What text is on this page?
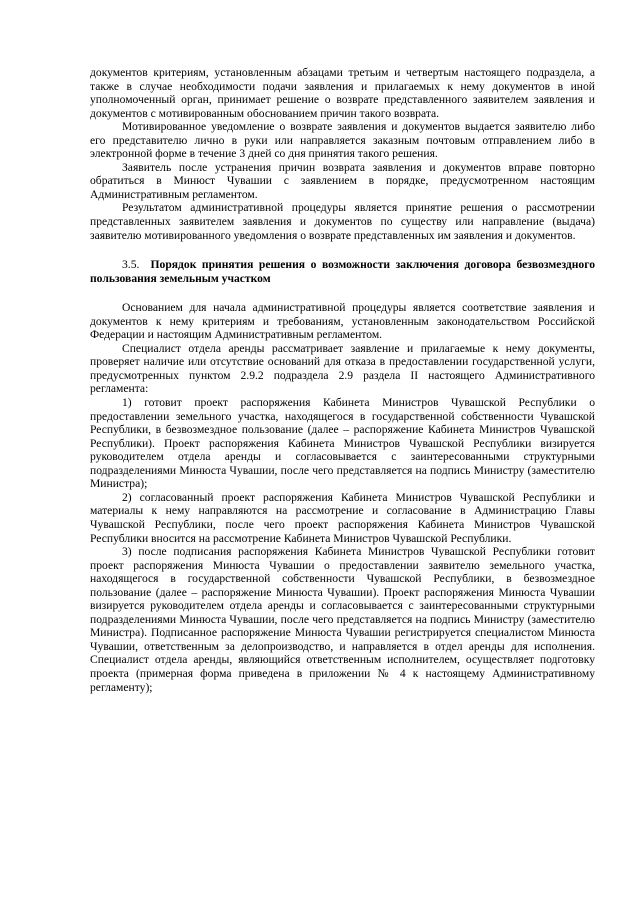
документов критериям, установленным абзацами третьим и четвертым настоящего подраздела, а также в случае необходимости подачи заявления и прилагаемых к нему документов в иной уполномоченный орган, принимает решение о возврате представленного заявителем заявления и документов с мотивированным обоснованием причин такого возврата.

Мотивированное уведомление о возврате заявления и документов выдается заявителю либо его представителю лично в руки или направляется заказным почтовым отправлением либо в электронной форме в течение 3 дней со дня принятия такого решения.

Заявитель после устранения причин возврата заявления и документов вправе повторно обратиться в Минюст Чувашии с заявлением в порядке, предусмотренном настоящим Административным регламентом.

Результатом административной процедуры является принятие решения о рассмотрении представленных заявителем заявления и документов по существу или направление (выдача) заявителю мотивированного уведомления о возврате представленных им заявления и документов.

3.5. Порядок принятия решения о возможности заключения договора безвозмездного пользования земельным участком

Основанием для начала административной процедуры является соответствие заявления и документов к нему критериям и требованиям, установленным законодательством Российской Федерации и настоящим Административным регламентом.

Специалист отдела аренды рассматривает заявление и прилагаемые к нему документы, проверяет наличие или отсутствие оснований для отказа в предоставлении государственной услуги, предусмотренных пунктом 2.9.2 подраздела 2.9 раздела II настоящего Административного регламента:

1) готовит проект распоряжения Кабинета Министров Чувашской Республики о предоставлении земельного участка, находящегося в государственной собственности Чувашской Республики, в безвозмездное пользование (далее – распоряжение Кабинета Министров Чувашской Республики). Проект распоряжения Кабинета Министров Чувашской Республики визируется руководителем отдела аренды и согласовывается с заинтересованными структурными подразделениями Минюста Чувашии, после чего представляется на подпись Министру (заместителю Министра);

2) согласованный проект распоряжения Кабинета Министров Чувашской Республики и материалы к нему направляются на рассмотрение и согласование в Администрацию Главы Чувашской Республики, после чего проект распоряжения Кабинета Министров Чувашской Республики вносится на рассмотрение Кабинета Министров Чувашской Республики.

3) после подписания распоряжения Кабинета Министров Чувашской Республики готовит проект распоряжения Минюста Чувашии о предоставлении заявителю земельного участка, находящегося в государственной собственности Чувашской Республики, в безвозмездное пользование (далее – распоряжение Минюста Чувашии). Проект распоряжения Минюста Чувашии визируется руководителем отдела аренды и согласовывается с заинтересованными структурными подразделениями Минюста Чувашии, после чего представляется на подпись Министру (заместителю Министра). Подписанное распоряжение Минюста Чувашии регистрируется специалистом Минюста Чувашии, ответственным за делопроизводство, и направляется в отдел аренды для исполнения. Специалист отдела аренды, являющийся ответственным исполнителем, осуществляет подготовку проекта (примерная форма приведена в приложении № 4 к настоящему Административному регламенту);
